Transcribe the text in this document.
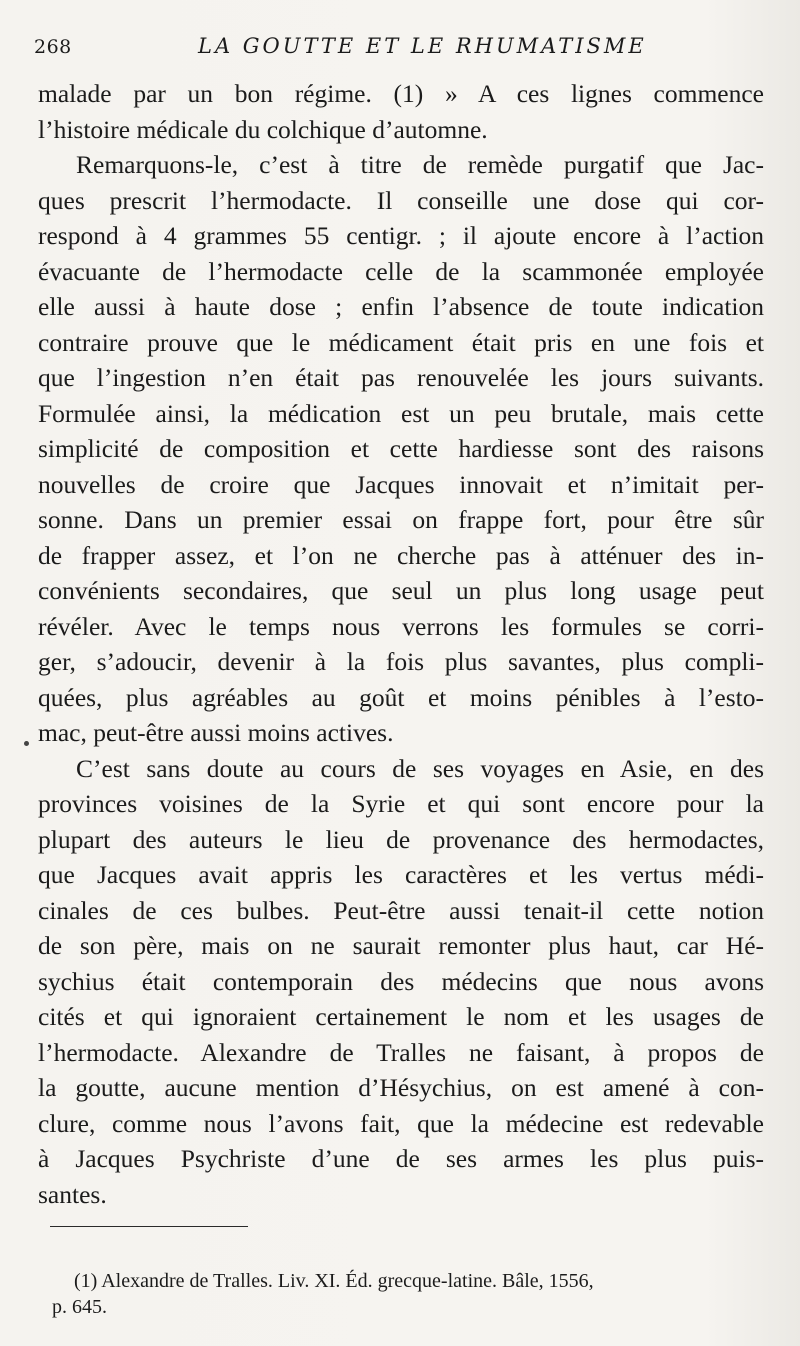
268	LA GOUTTE ET LE RHUMATISME
malade par un bon régime. (1) » A ces lignes commence
l’histoire médicale du colchique d’automne.
Remarquons-le, c’est à titre de remède purgatif que Jac-
ques prescrit l’hermodacte. Il conseille une dose qui cor-
respond à 4 grammes 55 centigr. ; il ajoute encore à l’action
évacuante de l’hermodacte celle de la scammonée employée
elle aussi à haute dose ; enfin l’absence de toute indication
contraire prouve que le médicament était pris en une fois et
que l’ingestion n’en était pas renouvelée les jours suivants.
Formulée ainsi, la médication est un peu brutale, mais cette
simplicité de composition et cette hardiesse sont des raisons
nouvelles de croire que Jacques innovait et n’imitait per-
sonne. Dans un premier essai on frappe fort, pour être sûr
de frapper assez, et l’on ne cherche pas à atténuer des in-
convénients secondaires, que seul un plus long usage peut
révéler. Avec le temps nous verrons les formules se corri-
ger, s’adoucir, devenir à la fois plus savantes, plus compli-
quées, plus agréables au goût et moins pénibles à l’esto-
mac, peut-être aussi moins actives.
C’est sans doute au cours de ses voyages en Asie, en des
provinces voisines de la Syrie et qui sont encore pour la
plupart des auteurs le lieu de provenance des hermodactes,
que Jacques avait appris les caractères et les vertus médi-
cinales de ces bulbes. Peut-être aussi tenait-il cette notion
de son père, mais on ne saurait remonter plus haut, car Hé-
sychius était contemporain des médecins que nous avons
cités et qui ignoraient certainement le nom et les usages de
l’hermodacte. Alexandre de Tralles ne faisant, à propos de
la goutte, aucune mention d’Hésychius, on est amené à con-
clure, comme nous l’avons fait, que la médecine est redevable
à Jacques Psychriste d’une de ses armes les plus puis-
santes.
(1) Alexandre de Tralles. Liv. XI. Éd. grecque-latine. Bâle, 1556,
p. 645.
